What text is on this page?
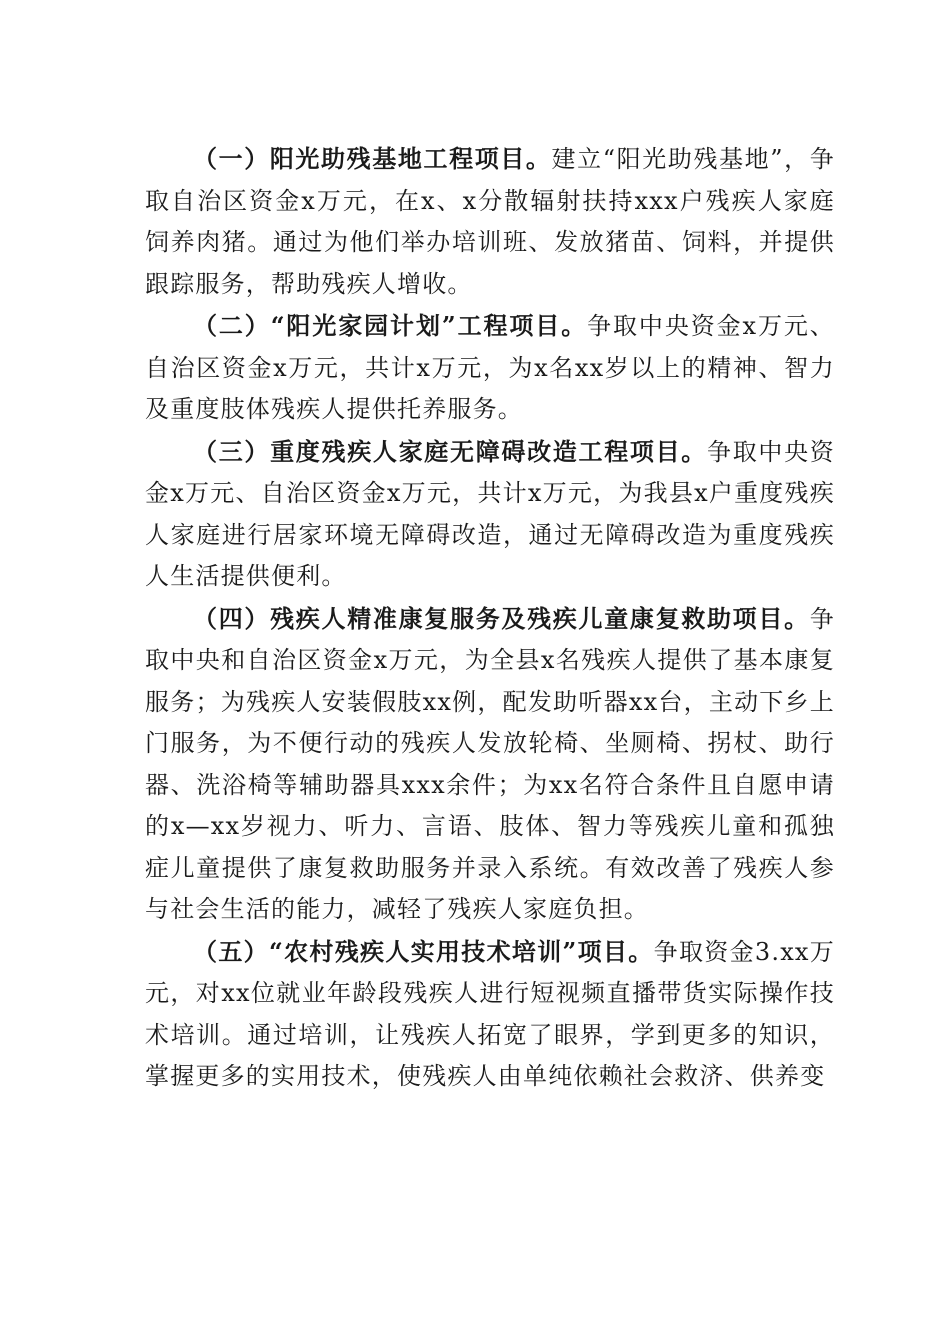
（一）阳光助残基地工程项目。建立“阳光助残基地”，争取自治区资金x万元，在x、x分散辐射扶持xxx户残疾人家庭饲养肉猪。通过为他们举办培训班、发放猪苗、饲料，并提供跟踪服务，帮助残疾人增收。

（二）“阳光家园计划”工程项目。争取中央资金x万元、自治区资金x万元，共计x万元，为x名xx岁以上的精神、智力及重度肢体残疾人提供托养服务。

（三）重度残疾人家庭无障碍改造工程项目。争取中央资金x万元、自治区资金x万元，共计x万元，为我县x户重度残疾人家庭进行居家环境无障碍改造，通过无障碍改造为重度残疾人生活提供便利。

（四）残疾人精准康复服务及残疾儿童康复救助项目。争取中央和自治区资金x万元，为全县x名残疾人提供了基本康复服务；为残疾人安装假肢xx例，配发助听器xx台，主动下乡上门服务，为不便行动的残疾人发放轮椅、坐厕椅、拐杖、助行器、洗浴椅等辅助器具xxx余件；为xx名符合条件且自愿申请的x—xx岁视力、听力、言语、肢体、智力等残疾儿童和孤独症儿童提供了康复救助服务并录入系统。有效改善了残疾人参与社会生活的能力，减轻了残疾人家庭负担。

（五）“农村残疾人实用技术培训”项目。争取资金3.xx万元，对xx位就业年龄段残疾人进行短视频直播带货实际操作技术培训。通过培训，让残疾人拓宽了眼界，学到更多的知识，掌握更多的实用技术，使残疾人由单纯依赖社会救济、供养变
